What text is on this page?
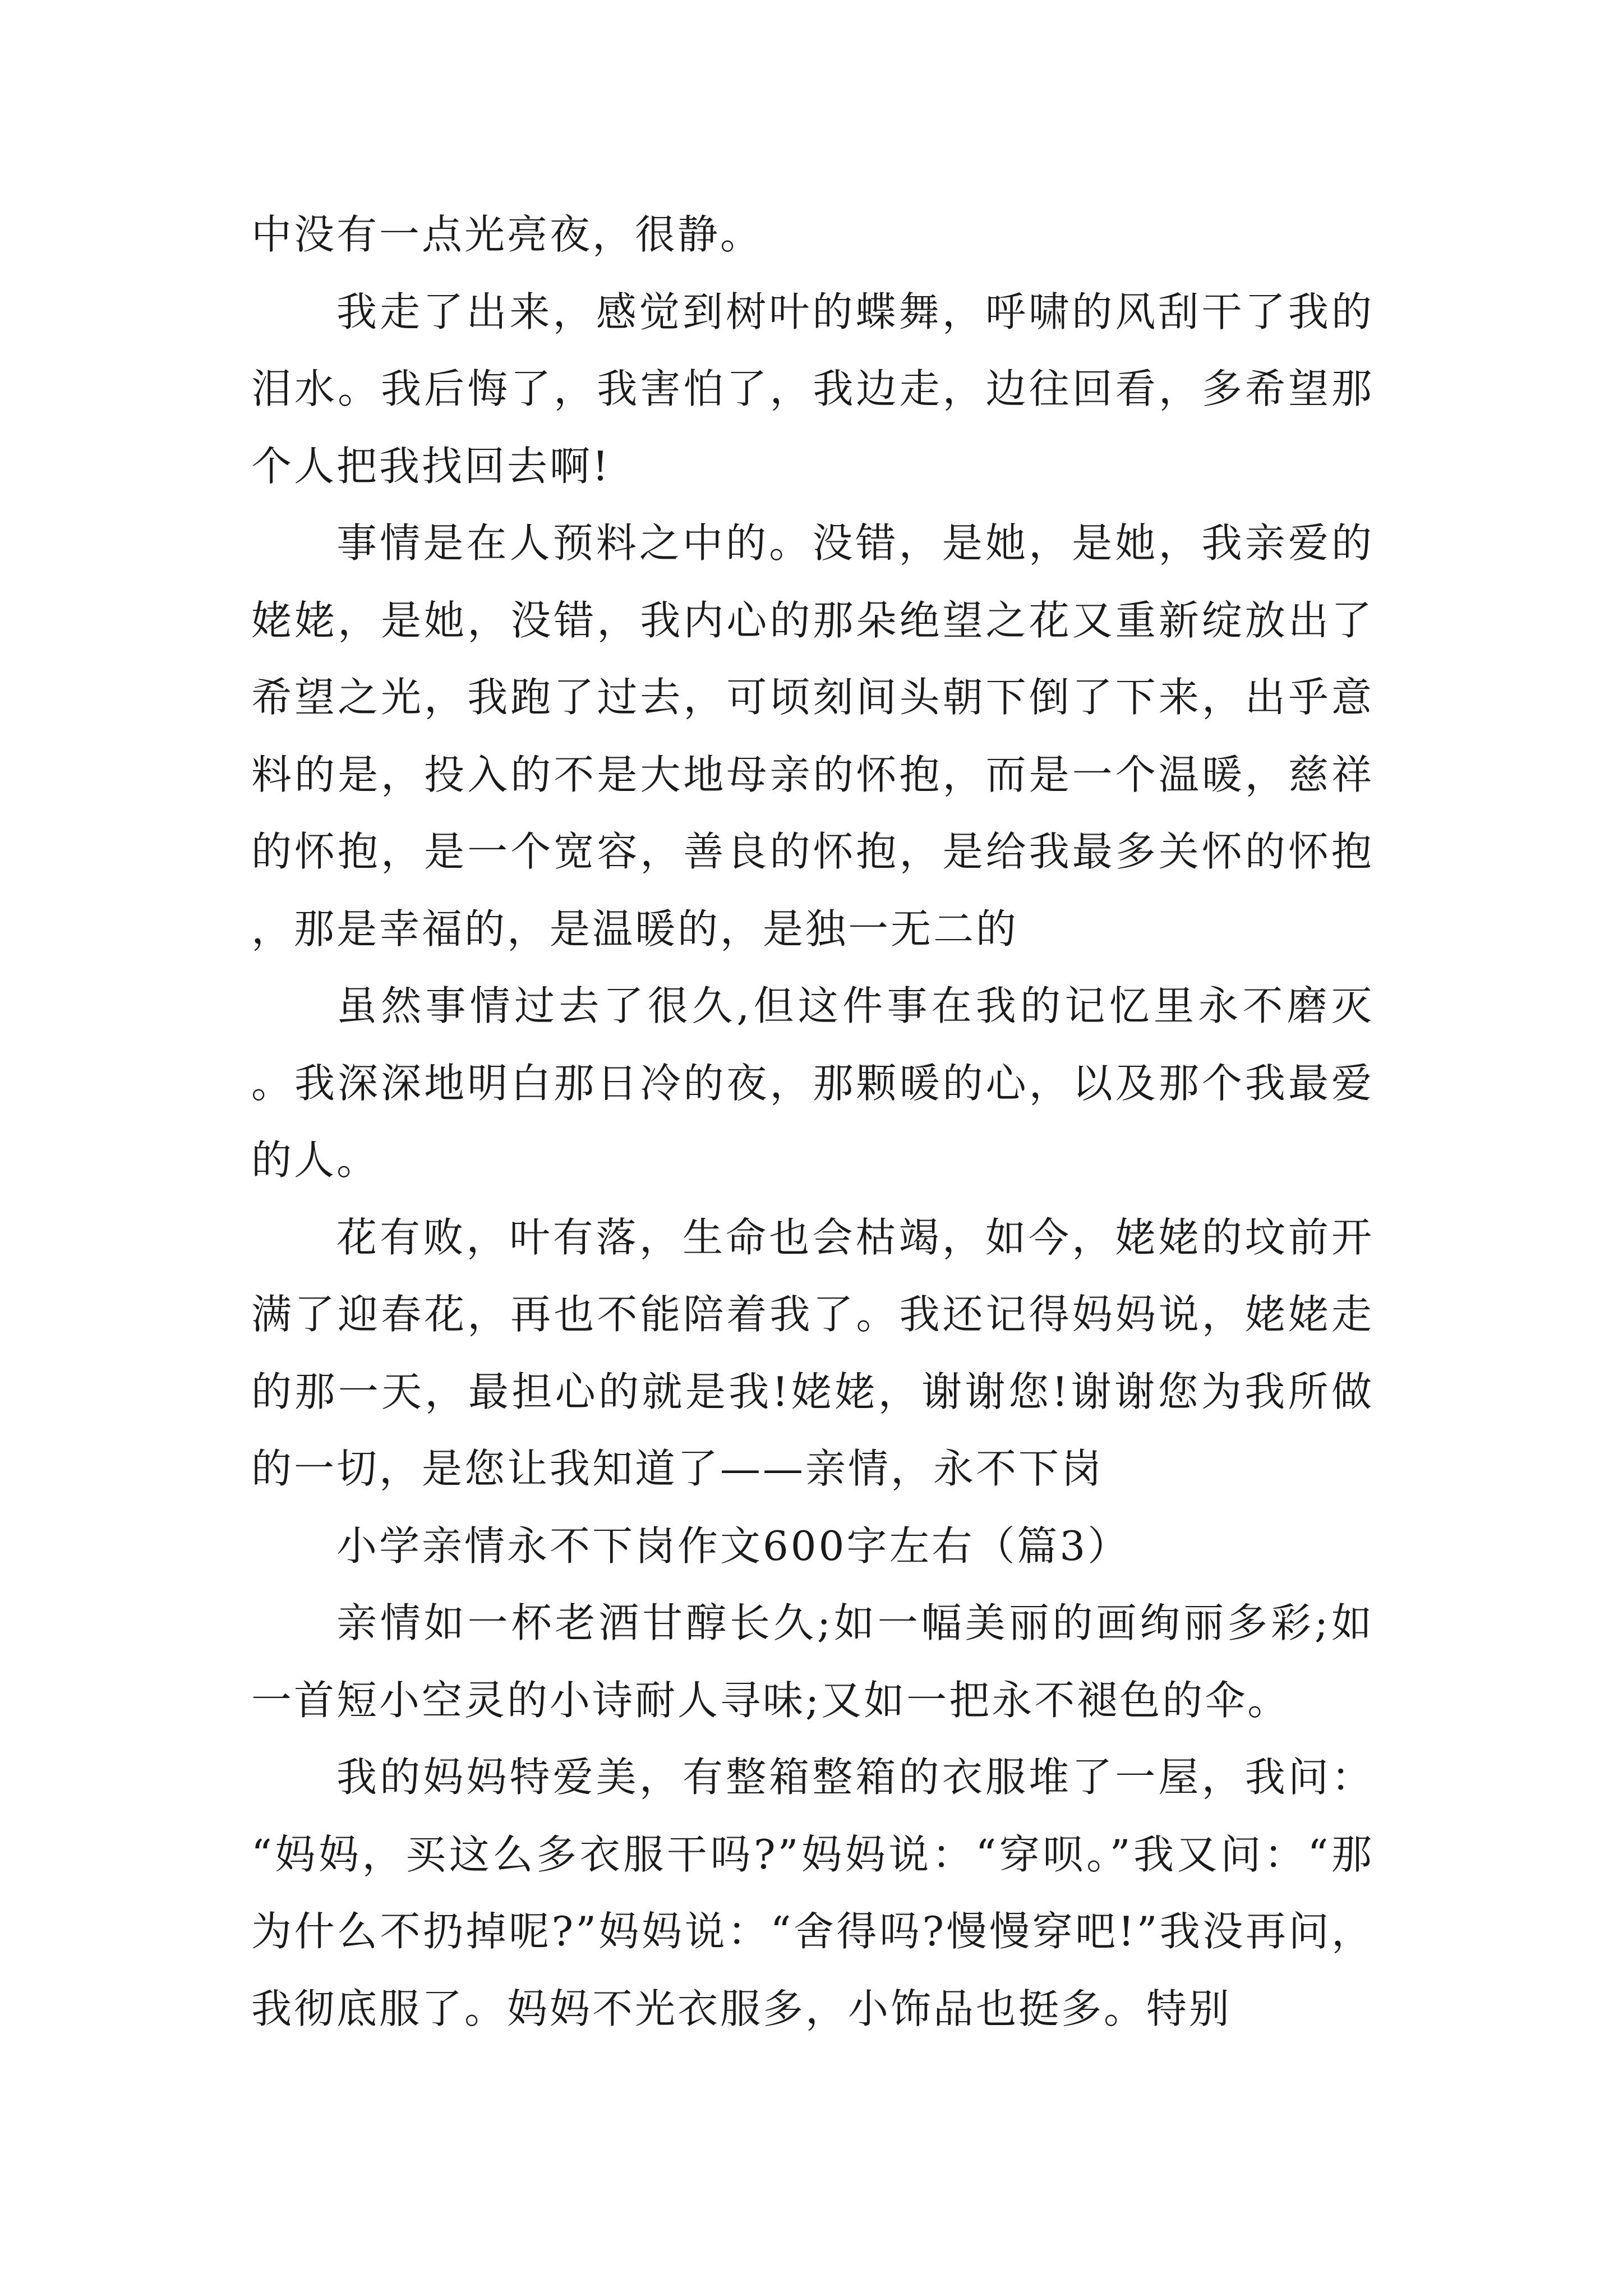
中没有一点光亮夜，很静。

我走了出来，感觉到树叶的蝶舞，呼啸的风刮干了我的泪水。我后悔了，我害怕了，我边走，边往回看，多希望那个人把我找回去啊!

事情是在人预料之中的。没错，是她，是她，我亲爱的姥姥，是她，没错，我内心的那朵绝望之花又重新绽放出了希望之光，我跑了过去，可顷刻间头朝下倒了下来，出乎意料的是，投入的不是大地母亲的怀抱，而是一个温暖，慈祥的怀抱，是一个宽容，善良的怀抱，是给我最多关怀的怀抱，那是幸福的，是温暖的，是独一无二的

虽然事情过去了很久,但这件事在我的记忆里永不磨灭。我深深地明白那日冷的夜，那颗暖的心，以及那个我最爱的人。

花有败，叶有落，生命也会枯竭，如今，姥姥的坟前开满了迎春花，再也不能陪着我了。我还记得妈妈说，姥姥走的那一天，最担心的就是我!姥姥，谢谢您!谢谢您为我所做的一切，是您让我知道了——亲情，永不下岗

小学亲情永不下岗作文600字左右（篇3）

亲情如一杯老酒甘醇长久;如一幅美丽的画绚丽多彩;如一首短小空灵的小诗耐人寻味;又如一把永不褪色的伞。

我的妈妈特爱美，有整箱整箱的衣服堆了一屋，我问：“妈妈，买这么多衣服干吗?”妈妈说：“穿呗。”我又问：“那为什么不扔掉呢?”妈妈说：“舍得吗?慢慢穿吧!”我没再问，我彻底服了。妈妈不光衣服多，小饰品也挺多。特别
